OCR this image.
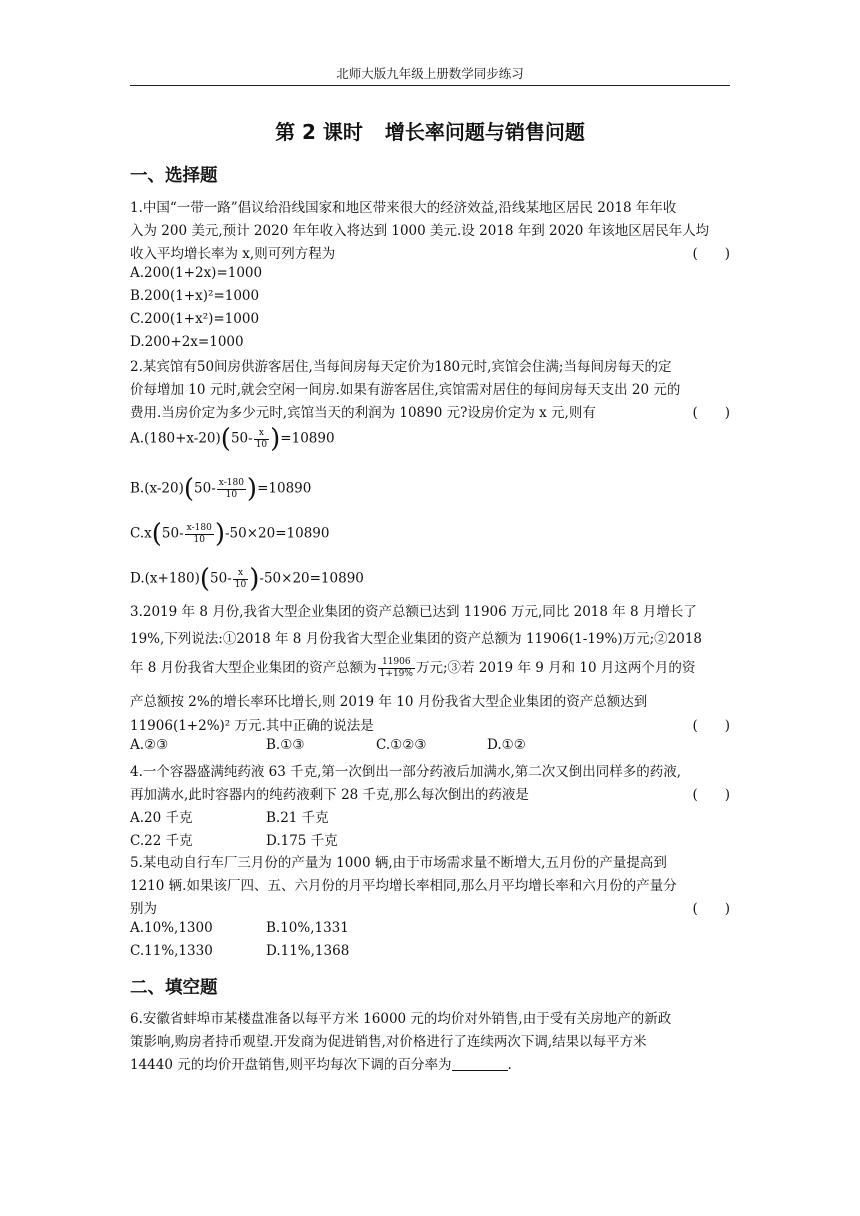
北师大版九年级上册数学同步练习
第 2 课时 增长率问题与销售问题
一、选择题
1.中国“一带一路”倡议给沿线国家和地区带来很大的经济效益,沿线某地区居民 2018 年年收
入为 200 美元,预计 2020 年年收入将达到 1000 美元.设 2018 年到 2020 年该地区居民年人均
收入平均增长率为 x,则可列方程为	(　　)
A.200(1+2x)=1000
B.200(1+x)²=1000
C.200(1+x²)=1000
D.200+2x=1000
2.某宾馆有50间房供游客居住,当每间房每天定价为180元时,宾馆会住满;当每间房每天的定
价每增加 10 元时,就会空闲一间房.如果有游客居住,宾馆需对居住的每间房每天支出 20 元的
费用.当房价定为多少元时,宾馆当天的利润为 10890 元?设房价定为 x 元,则有	(　　)
$A.(180+x-20)(50- \frac{x}{10} )=10890$
$B.(x-20)(50- \frac{x-180}{10} )=10890$
$C.x(50- \frac{x-180}{10} )-50\times 20=10890$
$D.(x+180)(50- \frac{x}{10} )-50\times 20=10890$
3.2019 年 8 月份,我省大型企业集团的资产总额已达到 11906 万元,同比 2018 年 8 月增长了
19%,下列说法:①2018 年 8 月份我省大型企业集团的资产总额为 11906(1-19%)万元;②2018
年 8 月份我省大型企业集团的资产总额为 $\frac{11906}{1+19\%}$ 万元;③若 2019 年 9 月和 10 月这两个月的资
产总额按 2%的增长率环比增长,则 2019 年 10 月份我省大型企业集团的资产总额达到
11906(1+2%)² 万元.其中正确的说法是	(　　)
A.②③	B.①③	C.①②③	D.①②
4.一个容器盛满纯药液 63 千克,第一次倒出一部分药液后加满水,第二次又倒出同样多的药液,
再加满水,此时容器内的纯药液剩下 28 千克,那么每次倒出的药液是	(　　)
A.20 千克	B.21 千克
C.22 千克	D.175 千克
5.某电动自行车厂三月份的产量为 1000 辆,由于市场需求量不断增大,五月份的产量提高到
1210 辆.如果该厂四、五、六月份的月平均增长率相同,那么月平均增长率和六月份的产量分
别为	(　　)
A.10%,1300	B.10%,1331
C.11%,1330	D.11%,1368
二、填空题
6.安徽省蚌埠市某楼盘准备以每平方米 16000 元的均价对外销售,由于受有关房地产的新政
策影响,购房者持币观望.开发商为促进销售,对价格进行了连续两次下调,结果以每平方米
14440 元的均价开盘销售,则平均每次下调的百分率为	.
